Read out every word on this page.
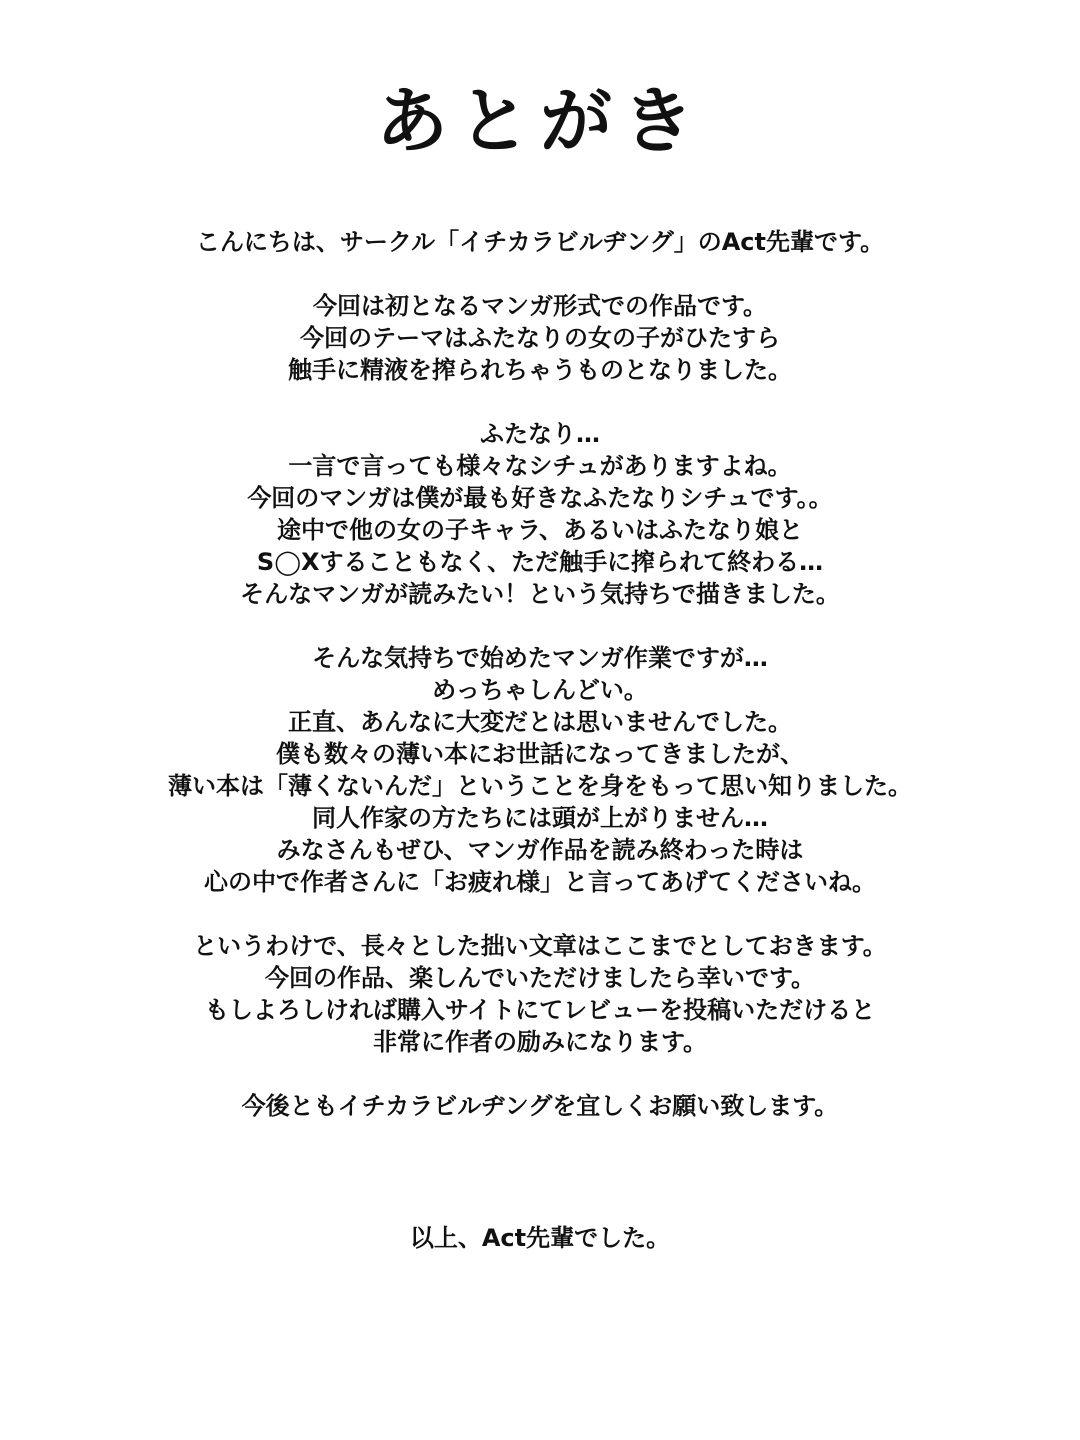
あとがき
こんにちは、サークル「イチカラビルヂング」のAct先輩です。
今回は初となるマンガ形式での作品です。
今回のテーマはふたなりの女の子がひたすら
触手に精液を搾られちゃうものとなりました。
ふたなり…
一言で言っても様々なシチュがありますよね。
今回のマンガは僕が最も好きなふたなりシチュです。。
途中で他の女の子キャラ、あるいはふたなり娘と
S◯Xすることもなく、ただ触手に搾られて終わる…
そんなマンガが読みたい！という気持ちで描きました。
そんな気持ちで始めたマンガ作業ですが…
めっちゃしんどい。
正直、あんなに大変だとは思いませんでした。
僕も数々の薄い本にお世話になってきましたが、
薄い本は「薄くないんだ」ということを身をもって思い知りました。
同人作家の方たちには頭が上がりません…
みなさんもぜひ、マンガ作品を読み終わった時は
心の中で作者さんに「お疲れ様」と言ってあげてくださいね。
というわけで、長々とした拙い文章はここまでとしておきます。
今回の作品、楽しんでいただけましたら幸いです。
もしよろしければ購入サイトにてレビューを投稿いただけると
非常に作者の励みになります。
今後ともイチカラビルヂングを宜しくお願い致します。
以上、Act先輩でした。
